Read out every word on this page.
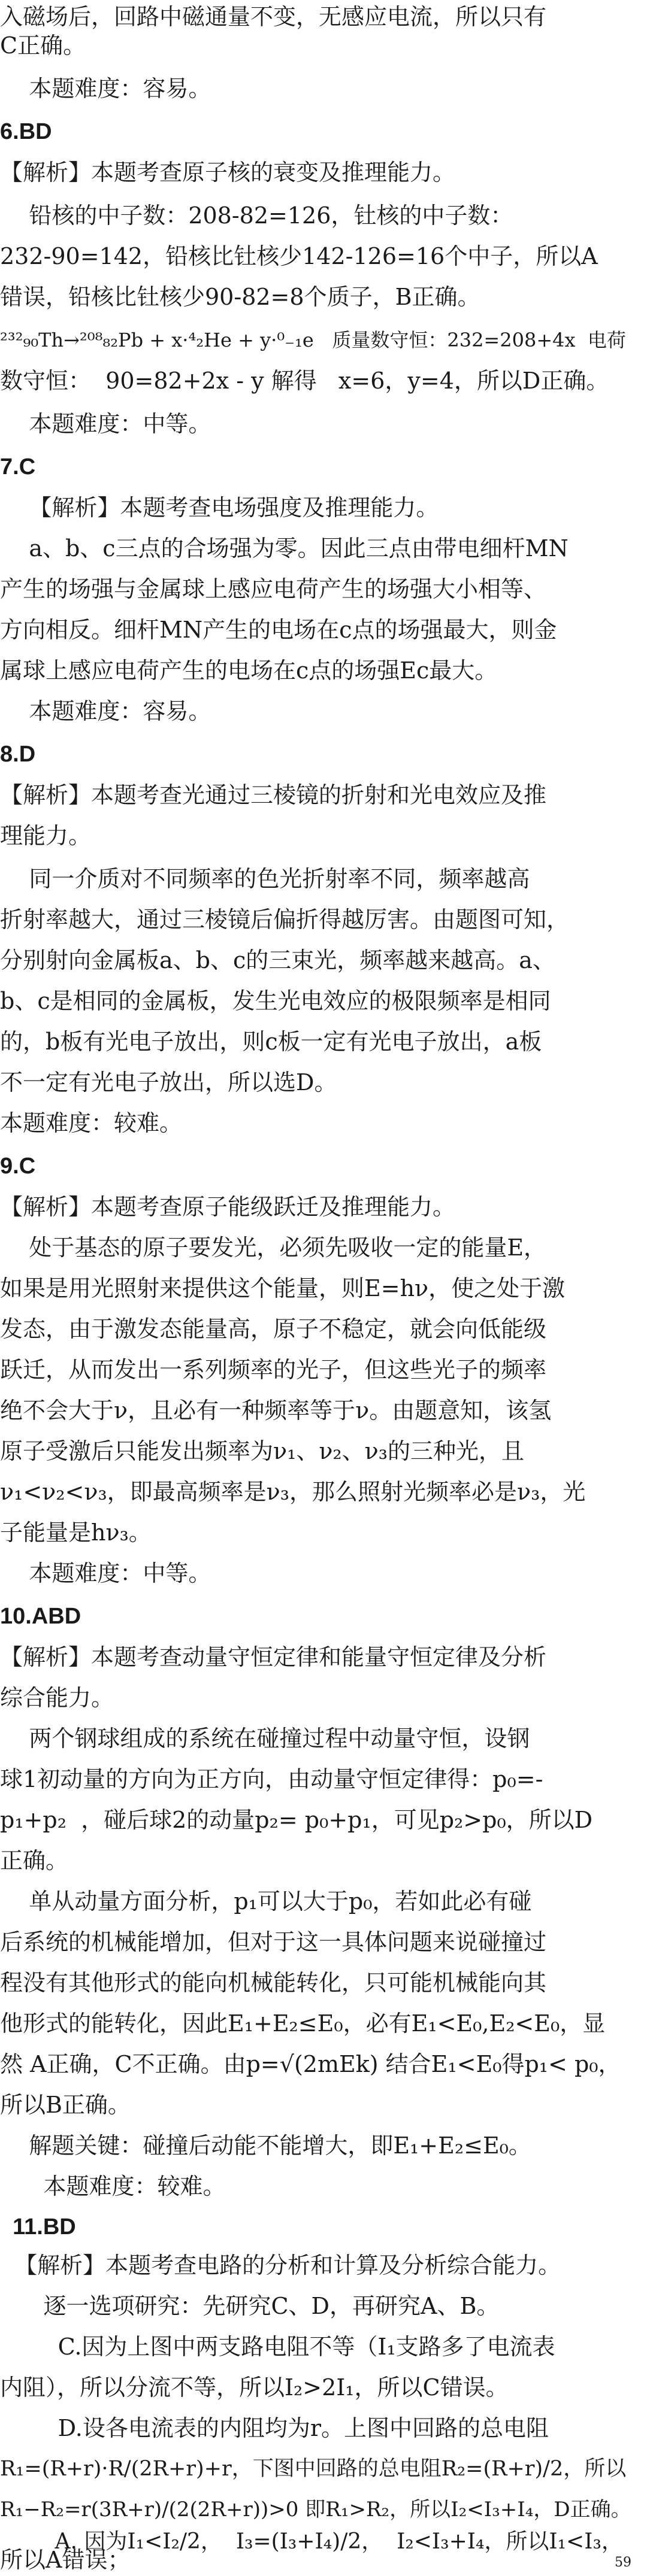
入磁场后，回路中磁通量不变，无感应电流，所以只有
C正确。
本题难度：容易。
6.BD
【解析】本题考查原子核的衰变及推理能力。
铅核的中子数：208-82=126，钍核的中子数：
232-90=142，铅核比钍核少142-126=16个中子，所以A
错误，铅核比钍核少90-82=8个质子，B正确。
²³²₉₀Th→²⁰⁸₈₂Pb + x·⁴₂He + y·⁰₋₁e   质量数守恒：232=208+4x  电荷
数守恒：  90=82+2x - y 解得   x=6，y=4，所以D正确。
本题难度：中等。
7.C
【解析】本题考查电场强度及推理能力。
a、b、c三点的合场强为零。因此三点由带电细杆MN
产生的场强与金属球上感应电荷产生的场强大小相等、
方向相反。细杆MN产生的电场在c点的场强最大，则金
属球上感应电荷产生的电场在c点的场强Ec最大。
本题难度：容易。
8.D
【解析】本题考查光通过三棱镜的折射和光电效应及推
理能力。
同一介质对不同频率的色光折射率不同，频率越高
折射率越大，通过三棱镜后偏折得越厉害。由题图可知，
分别射向金属板a、b、c的三束光，频率越来越高。a、
b、c是相同的金属板，发生光电效应的极限频率是相同
的，b板有光电子放出，则c板一定有光电子放出，a板
不一定有光电子放出，所以选D。
本题难度：较难。
9.C
【解析】本题考查原子能级跃迁及推理能力。
处于基态的原子要发光，必须先吸收一定的能量E，
如果是用光照射来提供这个能量，则E=hν，使之处于激
发态，由于激发态能量高，原子不稳定，就会向低能级
跃迁，从而发出一系列频率的光子，但这些光子的频率
绝不会大于ν，且必有一种频率等于ν。由题意知，该氢
原子受激后只能发出频率为ν₁、ν₂、ν₃的三种光，且
ν₁<ν₂<ν₃，即最高频率是ν₃，那么照射光频率必是ν₃，光
子能量是hν₃。
本题难度：中等。
10.ABD
【解析】本题考查动量守恒定律和能量守恒定律及分析
综合能力。
两个钢球组成的系统在碰撞过程中动量守恒，设钢
球1初动量的方向为正方向，由动量守恒定律得：p₀=-
p₁+p₂  ，碰后球2的动量p₂= p₀+p₁，可见p₂>p₀，所以D
正确。
单从动量方面分析，p₁可以大于p₀，若如此必有碰
后系统的机械能增加，但对于这一具体问题来说碰撞过
程没有其他形式的能向机械能转化，只可能机械能向其
他形式的能转化，因此E₁+E₂≤E₀，必有E₁<E₀,E₂<E₀，显
然 A正确，C不正确。由p=√(2mEk) 结合E₁<E₀得p₁< p₀，
所以B正确。
解题关键：碰撞后动能不能增大，即E₁+E₂≤E₀。
本题难度：较难。
11.BD
【解析】本题考查电路的分析和计算及分析综合能力。
逐一选项研究：先研究C、D，再研究A、B。
C.因为上图中两支路电阻不等（I₁支路多了电流表
内阻），所以分流不等，所以I₂>2I₁，所以C错误。
D.设各电流表的内阻均为r。上图中回路的总电阻
R₁=(R+r)·R/(2R+r)+r，下图中回路的总电阻R₂=(R+r)/2，所以
R₁−R₂=r(3R+r)/(2(2R+r))>0 即R₁>R₂，所以I₂<I₃+I₄，D正确。
A. 因为I₁<I₂/2，  I₃=(I₃+I₄)/2，  I₂<I₃+I₄，所以I₁<I₃，
所以A错误；	59
